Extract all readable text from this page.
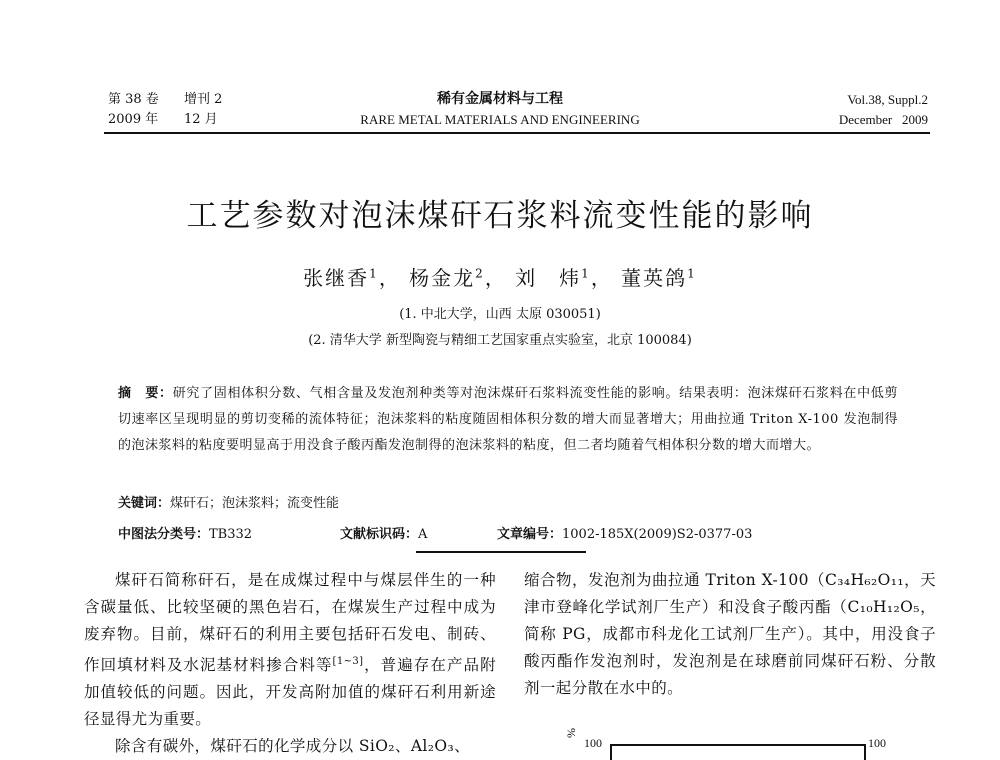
第 38 卷 增刊 2
2009 年 12 月
稀有金属材料与工程
RARE METAL MATERIALS AND ENGINEERING
Vol.38, Suppl.2
December   2009
工艺参数对泡沫煤矸石浆料流变性能的影响
张继香$^1$， 杨金龙$^2$， 刘　炜$^1$， 董英鸽$^1$
(1. 中北大学，山西 太原 030051)
(2. 清华大学 新型陶瓷与精细工艺国家重点实验室，北京 100084)
摘　要：研究了固相体积分数、气相含量及发泡剂种类等对泡沫煤矸石浆料流变性能的影响。结果表明：泡沫煤矸石浆料在中低剪切速率区呈现明显的剪切变稀的流体特征；泡沫浆料的粘度随固相体积分数的增大而显著增大；用曲拉通 Triton X-100 发泡制得的泡沫浆料的粘度要明显高于用没食子酸丙酯发泡制得的泡沫浆料的粘度，但二者均随着气相体积分数的增大而增大。
关键词：煤矸石；泡沫浆料；流变性能
中图法分类号：TB332	文献标识码：A	文章编号：1002-185X(2009)S2-0377-03

煤矸石简称矸石，是在成煤过程中与煤层伴生的一种含碳量低、比较坚硬的黑色岩石，在煤炭生产过程中成为废弃物。目前，煤矸石的利用主要包括矸石发电、制砖、作回填材料及水泥基材料掺合料等[1~3]，普遍存在产品附加值较低的问题。因此，开发高附加值的煤矸石利用新途径显得尤为重要。

除含有碳外，煤矸石的化学成分以 SiO₂、Al₂O₃、

缩合物，发泡剂为曲拉通 Triton X-100（C₃₄H₆₂O₁₁，天津市登峰化学试剂厂生产）和没食子酸丙酯（C₁₀H₁₂O₅，简称 PG，成都市科龙化工试剂厂生产）。其中，用没食子酸丙酯作发泡剂时，发泡剂是在球磨前同煤矸石粉、分散剂一起分散在水中的。

%
100	100
